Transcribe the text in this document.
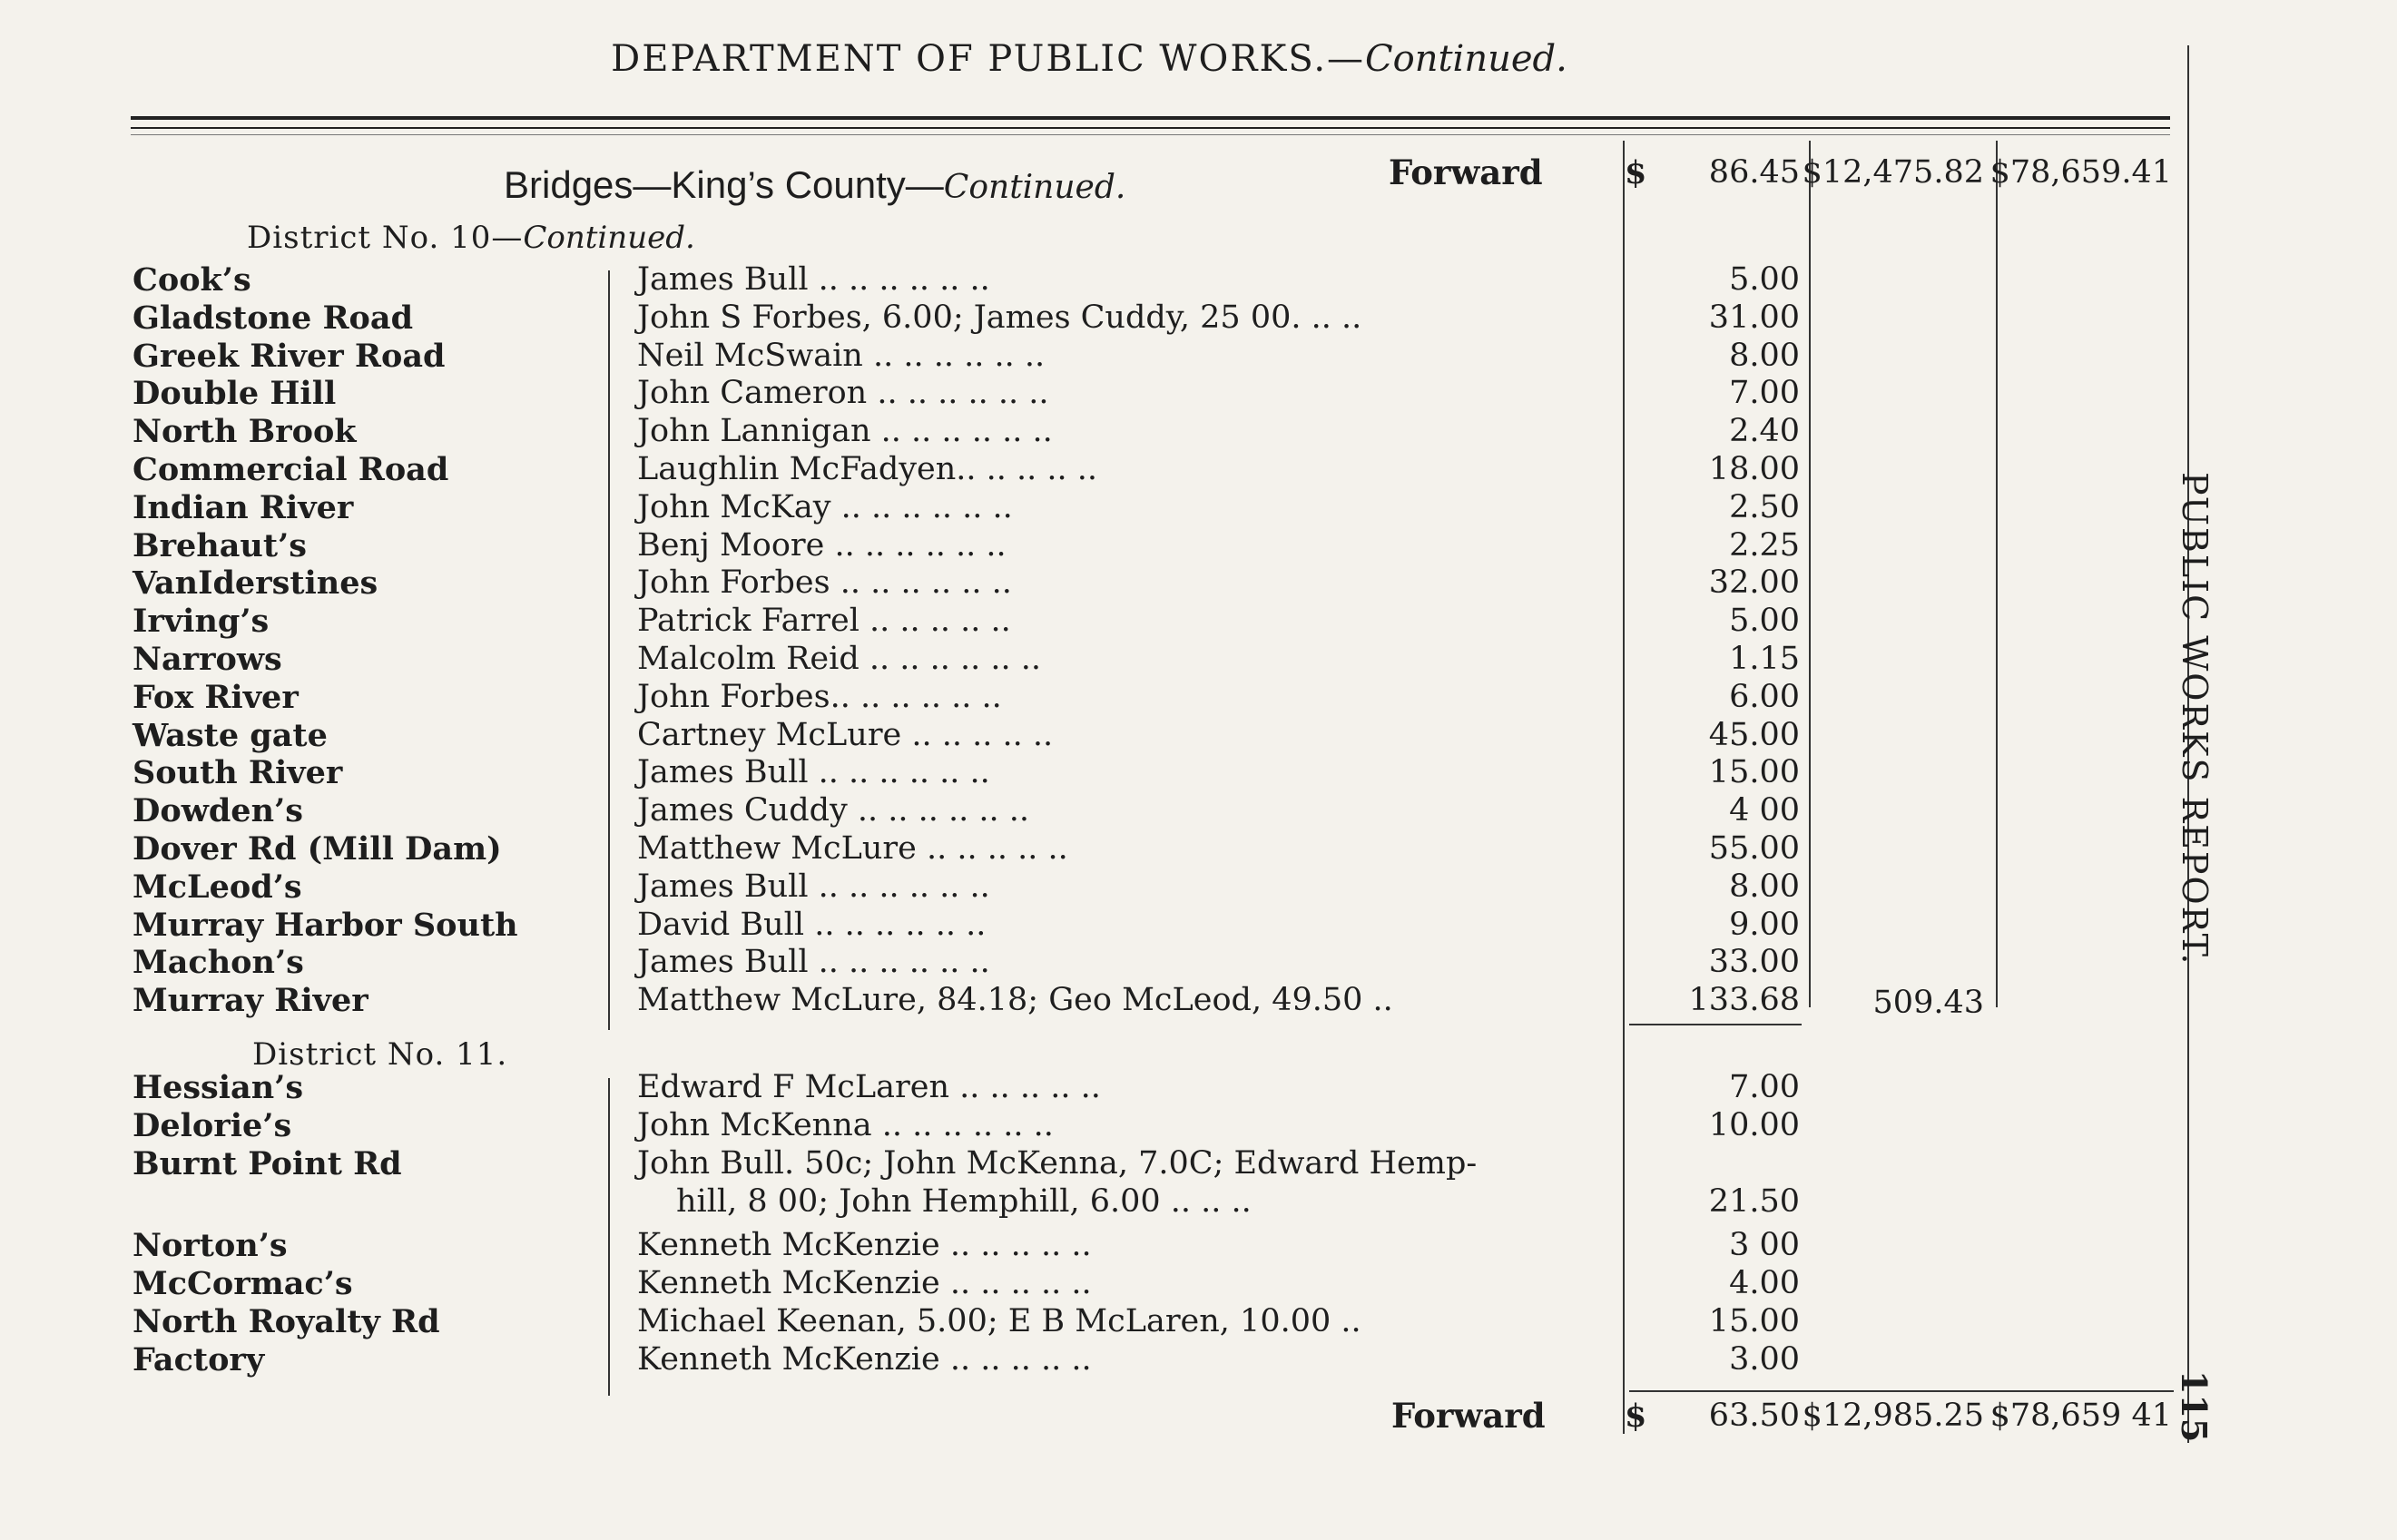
DEPARTMENT OF PUBLIC WORKS.—Continued.
Bridges—King’s County—Continued.	Forward	$ 86.45 $12,475.82 $78,659.41
District No. 10—Continued.
Cook’s	James Bull .. .. .. .. .. ..	5.00
Gladstone Road	John S Forbes, 6.00; James Cuddy, 25 00. .. ..	31.00
Greek River Road	Neil McSwain .. .. .. .. .. ..	8.00
Double Hill	John Cameron .. .. .. .. .. ..	7.00
North Brook	John Lannigan .. .. .. .. .. ..	2.40
Commercial Road	Laughlin McFadyen.. .. .. .. ..	18.00
Indian River	John McKay .. .. .. .. .. ..	2.50
Brehaut’s	Benj Moore .. .. .. .. .. ..	2.25
VanIderstines	John Forbes .. .. .. .. .. ..	32.00
Irving’s	Patrick Farrel .. .. .. .. ..	5.00
Narrows	Malcolm Reid .. .. .. .. .. ..	1.15
Fox River	John Forbes.. .. .. .. .. ..	6.00
Waste gate	Cartney McLure .. .. .. .. ..	45.00
South River	James Bull .. .. .. .. .. ..	15.00
Dowden’s	James Cuddy .. .. .. .. .. ..	4 00
Dover Rd (Mill Dam)	Matthew McLure .. .. .. .. ..	55.00
McLeod’s	James Bull .. .. .. .. .. ..	8.00
Murray Harbor South	David Bull .. .. .. .. .. ..	9.00
Machon’s	James Bull .. .. .. .. .. ..	33.00
Murray River	Matthew McLure, 84.18; Geo McLeod, 49.50 ..	133.68 509.43
District No. 11.
Hessian’s	Edward F McLaren .. .. .. .. ..	7.00
Delorie’s	John McKenna .. .. .. .. .. ..	10.00
Burnt Point Rd	John Bull. 50c; John McKenna, 7.0C; Edward Hemp-
hill, 8 00; John Hemphill, 6.00 .. .. ..	21.50
Norton’s	Kenneth McKenzie .. .. .. .. ..	3 00
McCormac’s	Kenneth McKenzie .. .. .. .. ..	4.00
North Royalty Rd	Michael Keenan, 5.00; E B McLaren, 10.00 ..	15.00
Factory	Kenneth McKenzie .. .. .. .. ..	3.00
Forward $ 63.50 $12,985.25 $78,659 41
PUBLIC WORKS REPORT.
115
